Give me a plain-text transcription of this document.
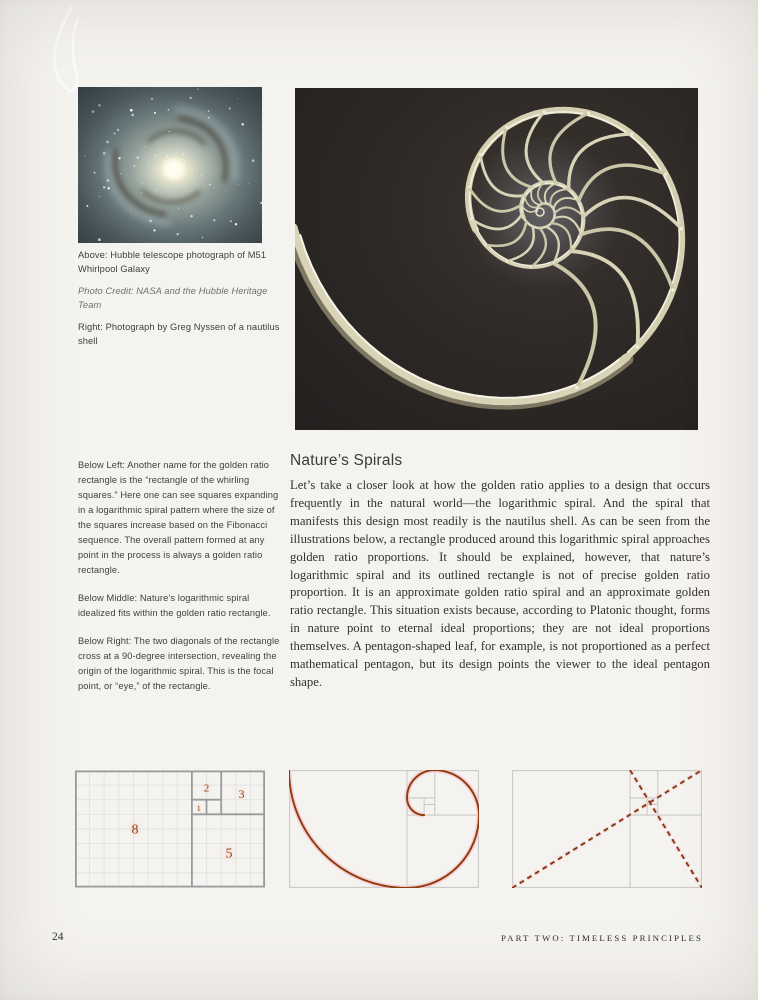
Above: Hubble telescope photograph of M51 Whirlpool Galaxy

Photo Credit: NASA and the Hubble Heritage Team

Right: Photograph by Greg Nyssen of a nautilus shell

Below Left: Another name for the golden ratio rectangle is the “rectangle of the whirling squares.” Here one can see squares expanding in a logarithmic spiral pattern where the size of the squares increase based on the Fibonacci sequence. The overall pattern formed at any point in the process is always a golden ratio rectangle.

Below Middle: Nature’s logarithmic spiral idealized fits within the golden ratio rectangle.

Below Right: The two diagonals of the rectangle cross at a 90-degree intersection, revealing the origin of the logarithmic spiral. This is the focal point, or “eye,” of the rectangle.

Nature’s Spirals
Let’s take a closer look at how the golden ratio applies to a design that occurs frequently in the natural world—the logarithmic spiral. And the spiral that manifests this design most readily is the nautilus shell. As can be seen from the illustrations below, a rectangle produced around this logarithmic spiral approaches golden ratio proportions. It should be explained, however, that nature’s logarithmic spiral and its outlined rectangle is not of precise golden ratio proportion. It is an approximate golden ratio spiral and an approximate golden ratio rectangle. This situation exists because, according to Platonic thought, forms in nature point to eternal ideal proportions; they are not ideal proportions themselves. A pentagon-shaped leaf, for example, is not proportioned as a perfect mathematical pentagon, but its design points the viewer to the ideal pentagon shape.
8
5
3
2
1
24	PART TWO: TIMELESS PRINCIPLES
